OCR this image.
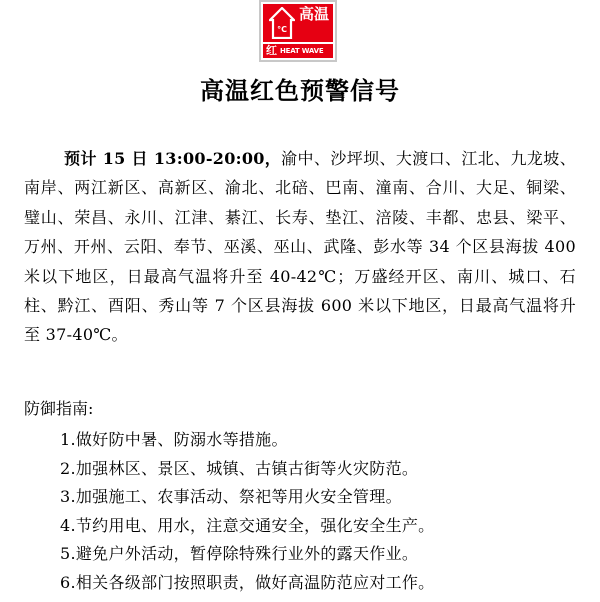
°C
高温
红 HEAT WAVE
高温红色预警信号
预计 15 日 13:00-20:00，渝中、沙坪坝、大渡口、江北、九龙坡、南岸、两江新区、高新区、渝北、北碚、巴南、潼南、合川、大足、铜梁、璧山、荣昌、永川、江津、綦江、长寿、垫江、涪陵、丰都、忠县、梁平、万州、开州、云阳、奉节、巫溪、巫山、武隆、彭水等 34 个区县海拔 400 米以下地区，日最高气温将升至 40-42℃；万盛经开区、南川、城口、石柱、黔江、酉阳、秀山等 7 个区县海拔 600 米以下地区，日最高气温将升至 37-40℃。
防御指南:
1.做好防中暑、防溺水等措施。
2.加强林区、景区、城镇、古镇古街等火灾防范。
3.加强施工、农事活动、祭祀等用火安全管理。
4.节约用电、用水，注意交通安全，强化安全生产。
5.避免户外活动，暂停除特殊行业外的露天作业。
6.相关各级部门按照职责，做好高温防范应对工作。
